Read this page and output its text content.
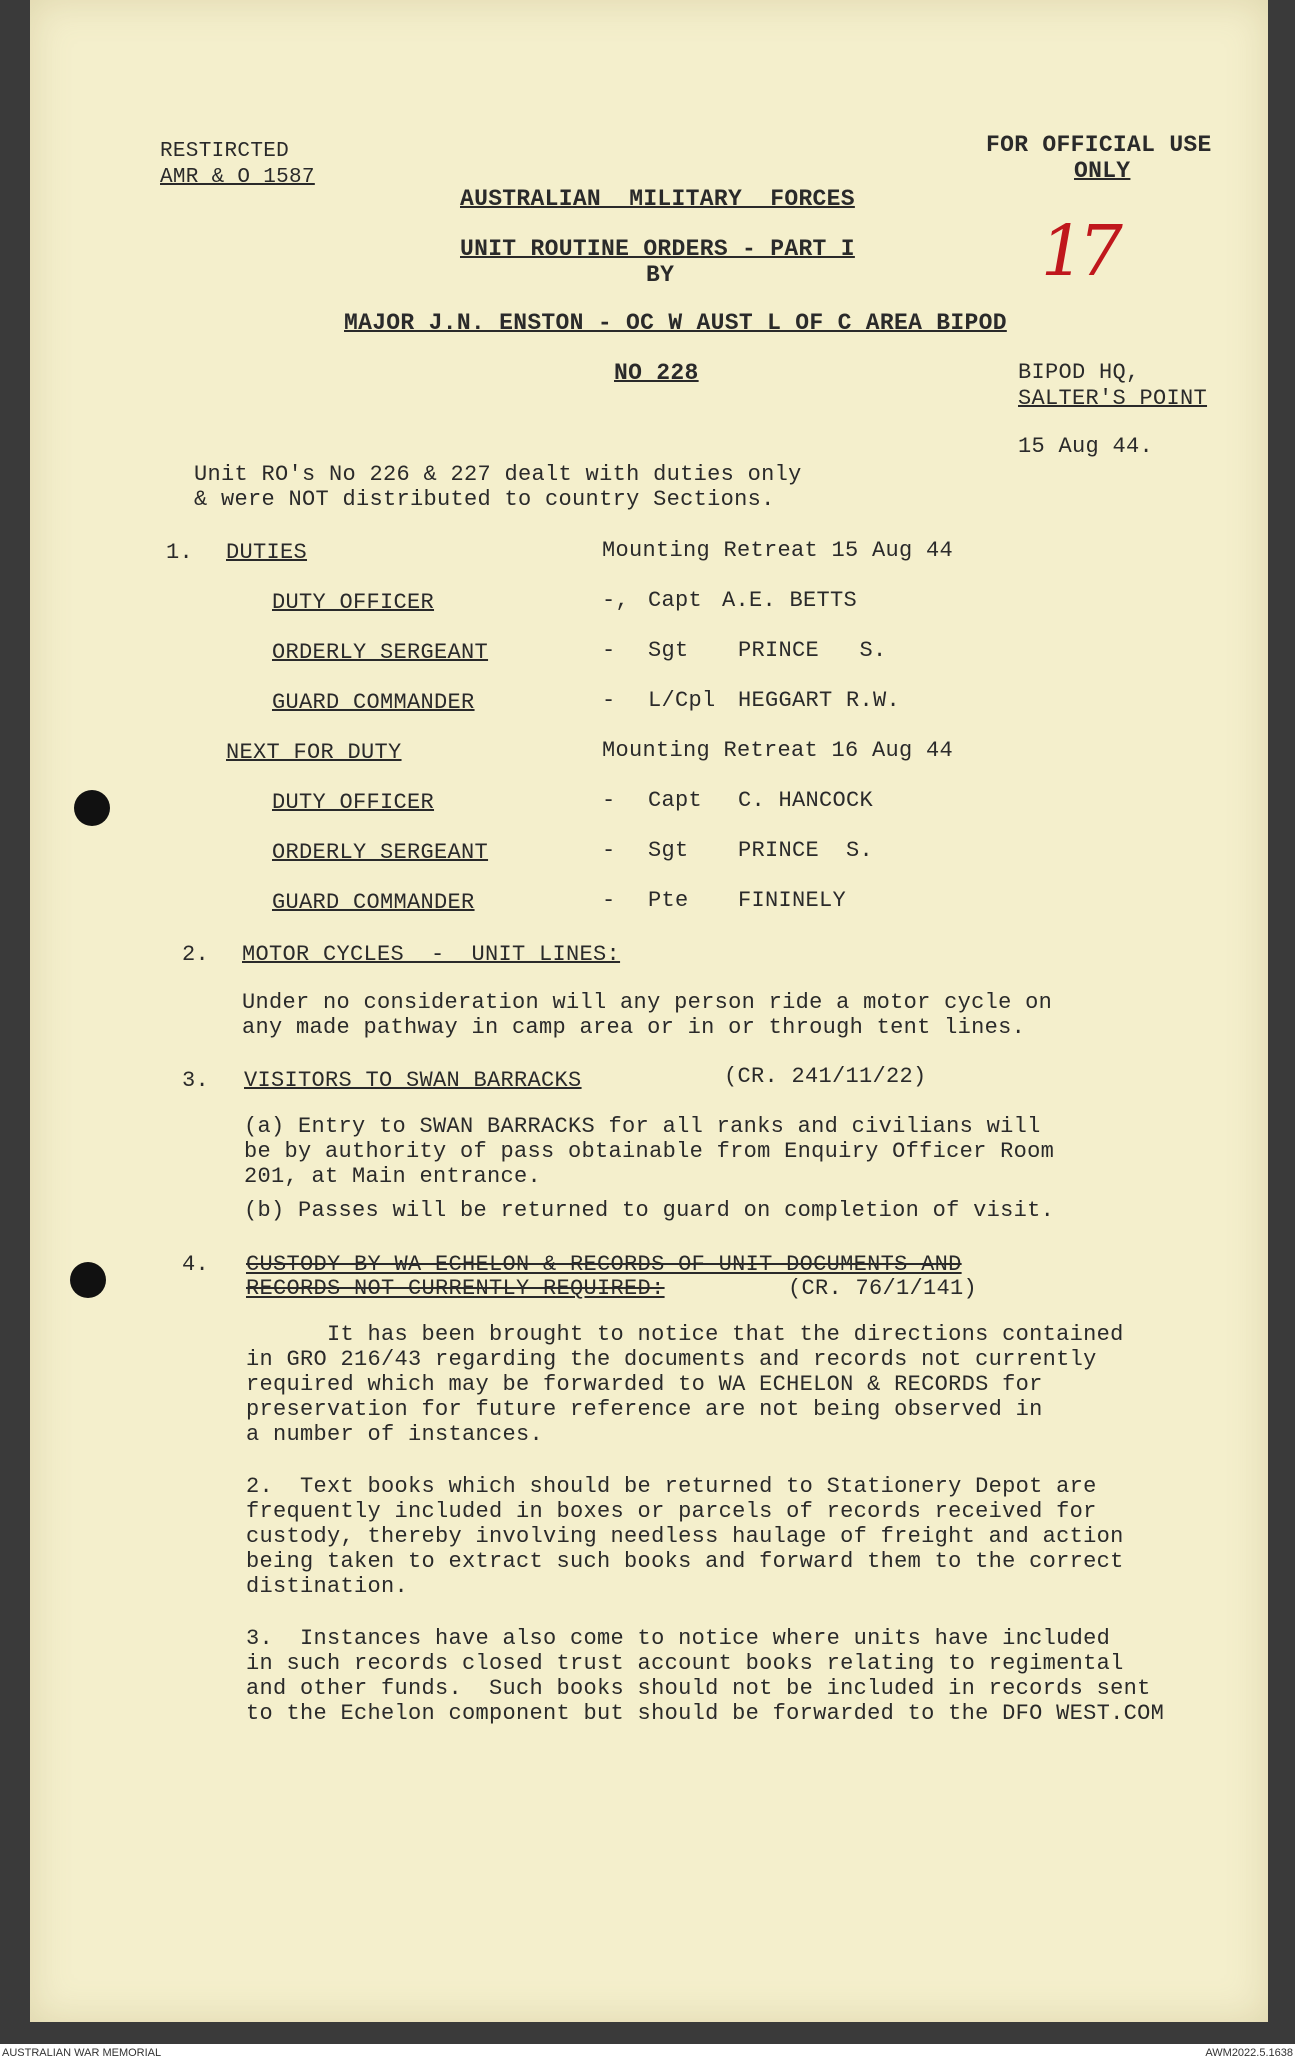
RESTIRCTED
AMR & O 1587
FOR OFFICIAL USE
ONLY
AUSTRALIAN  MILITARY  FORCES
UNIT ROUTINE ORDERS - PART I
BY
MAJOR J.N. ENSTON - OC W AUST L OF C AREA BIPOD
NO 228
17
BIPOD HQ,
SALTER'S POINT
15 Aug 44.
Unit RO's No 226 & 227 dealt with duties only
& were NOT distributed to country Sections.
1. DUTIES	Mounting Retreat 15 Aug 44
DUTY OFFICER	-, Capt A.E. BETTS
ORDERLY SERGEANT	- Sgt PRINCE   S.
GUARD COMMANDER	- L/Cpl HEGGART R.W.
NEXT FOR DUTY	Mounting Retreat 16 Aug 44
DUTY OFFICER	- Capt C. HANCOCK
ORDERLY SERGEANT	- Sgt PRINCE  S.
GUARD COMMANDER	- Pte FININELY
2. MOTOR CYCLES  -  UNIT LINES:
Under no consideration will any person ride a motor cycle on
any made pathway in camp area or in or through tent lines.
3. VISITORS TO SWAN BARRACKS	(CR. 241/11/22)
(a) Entry to SWAN BARRACKS for all ranks and civilians will
be by authority of pass obtainable from Enquiry Officer Room
201, at Main entrance.
(b) Passes will be returned to guard on completion of visit.
4. CUSTODY BY WA ECHELON & RECORDS OF UNIT DOCUMENTS AND
RECORDS NOT CURRENTLY REQUIRED:	(CR. 76/1/141)
It has been brought to notice that the directions contained
in GRO 216/43 regarding the documents and records not currently
required which may be forwarded to WA ECHELON & RECORDS for
preservation for future reference are not being observed in
a number of instances.
2.  Text books which should be returned to Stationery Depot are
frequently included in boxes or parcels of records received for
custody, thereby involving needless haulage of freight and action
being taken to extract such books and forward them to the correct
distination.
3.  Instances have also come to notice where units have included
in such records closed trust account books relating to regimental
and other funds.  Such books should not be included in records sent
to the Echelon component but should be forwarded to the DFO WEST.COM
AUSTRALIAN WAR MEMORIAL	AWM2022.5.1638
